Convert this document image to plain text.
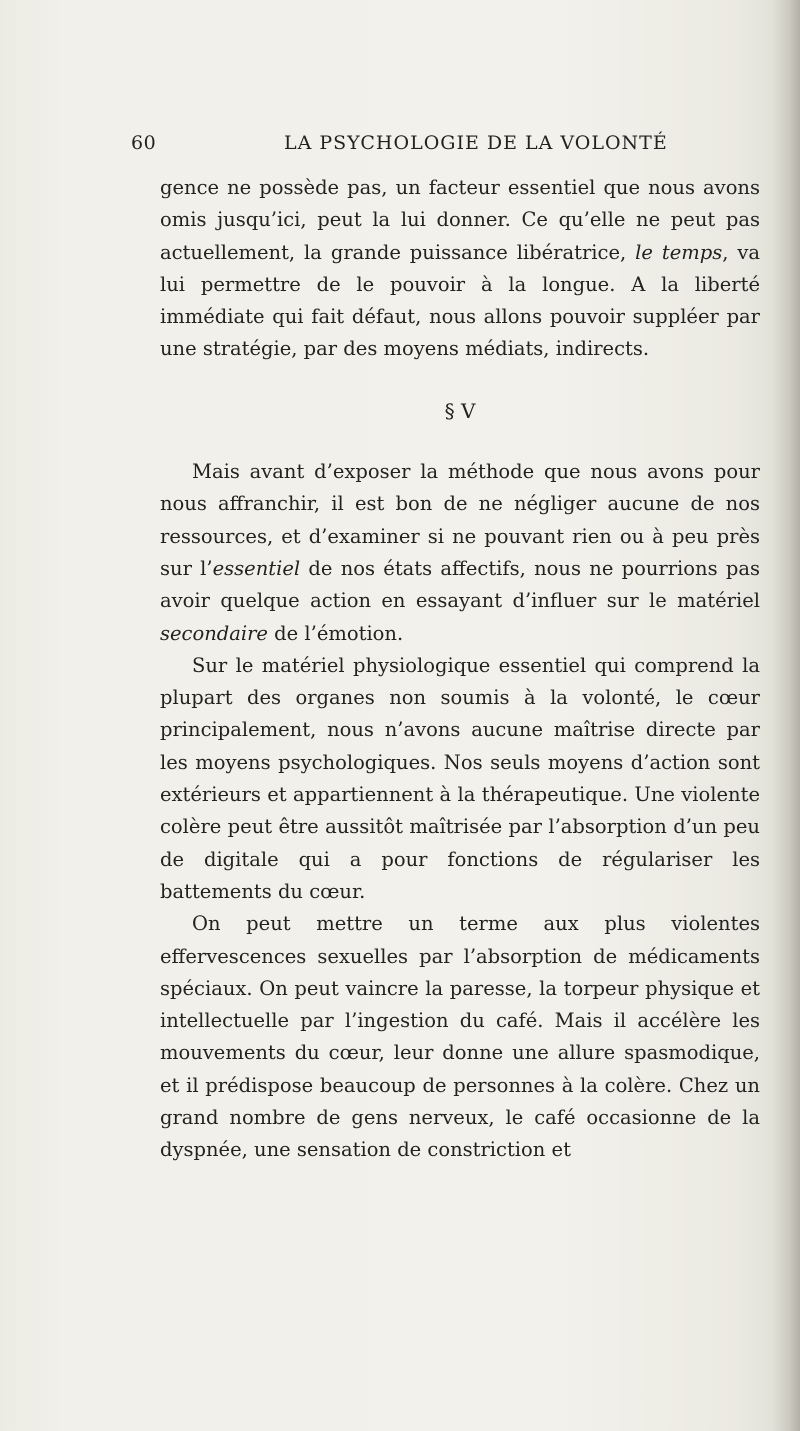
60	LA PSYCHOLOGIE DE LA VOLONTÉ

gence ne possède pas, un facteur essentiel que nous avons omis jusqu’ici, peut la lui donner. Ce qu’elle ne peut pas actuellement, la grande puissance libératrice, le temps, va lui permettre de le pouvoir à la longue. A la liberté immédiate qui fait défaut, nous allons pouvoir suppléer par une stratégie, par des moyens médiats, indirects.

§ V

Mais avant d’exposer la méthode que nous avons pour nous affranchir, il est bon de ne négliger aucune de nos ressources, et d’examiner si ne pouvant rien ou à peu près sur l’essentiel de nos états affectifs, nous ne pourrions pas avoir quelque action en essayant d’influer sur le matériel secondaire de l’émotion.

Sur le matériel physiologique essentiel qui comprend la plupart des organes non soumis à la volonté, le cœur principalement, nous n’avons aucune maîtrise directe par les moyens psychologiques. Nos seuls moyens d’action sont extérieurs et appartiennent à la thérapeutique. Une violente colère peut être aussitôt maîtrisée par l’absorption d’un peu de digitale qui a pour fonctions de régulariser les battements du cœur.

On peut mettre un terme aux plus violentes effervescences sexuelles par l’absorption de médicaments spéciaux. On peut vaincre la paresse, la torpeur physique et intellectuelle par l’ingestion du café. Mais il accélère les mouvements du cœur, leur donne une allure spasmodique, et il prédispose beaucoup de personnes à la colère. Chez un grand nombre de gens nerveux, le café occasionne de la dyspnée, une sensation de constriction et
